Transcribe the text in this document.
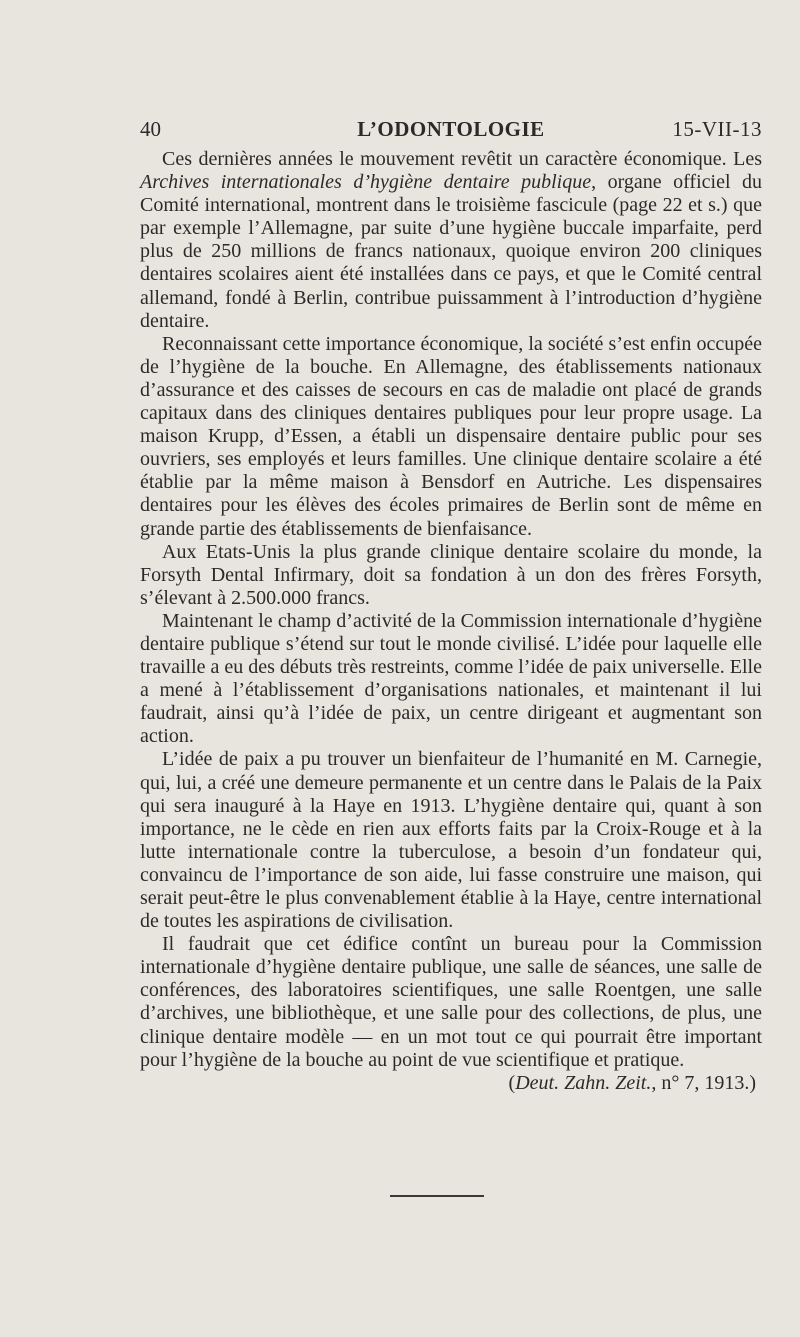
40	L’ODONTOLOGIE	15-VII-13

Ces dernières années le mouvement revêtit un caractère économique. Les Archives internationales d’hygiène dentaire publique, organe officiel du Comité international, montrent dans le troisième fascicule (page 22 et s.) que par exemple l’Allemagne, par suite d’une hygiène buccale imparfaite, perd plus de 250 millions de francs nationaux, quoique environ 200 cliniques dentaires scolaires aient été installées dans ce pays, et que le Comité central allemand, fondé à Berlin, contribue puissamment à l’introduction d’hygiène dentaire.

Reconnaissant cette importance économique, la société s’est enfin occupée de l’hygiène de la bouche. En Allemagne, des établissements nationaux d’assurance et des caisses de secours en cas de maladie ont placé de grands capitaux dans des cliniques dentaires publiques pour leur propre usage. La maison Krupp, d’Essen, a établi un dispensaire dentaire public pour ses ouvriers, ses employés et leurs familles. Une clinique dentaire scolaire a été établie par la même maison à Bensdorf en Autriche. Les dispensaires dentaires pour les élèves des écoles primaires de Berlin sont de même en grande partie des établissements de bienfaisance.

Aux Etats-Unis la plus grande clinique dentaire scolaire du monde, la Forsyth Dental Infirmary, doit sa fondation à un don des frères Forsyth, s’élevant à 2.500.000 francs.

Maintenant le champ d’activité de la Commission internationale d’hygiène dentaire publique s’étend sur tout le monde civilisé. L’idée pour laquelle elle travaille a eu des débuts très restreints, comme l’idée de paix universelle. Elle a mené à l’établissement d’organisations nationales, et maintenant il lui faudrait, ainsi qu’à l’idée de paix, un centre dirigeant et augmentant son action.

L’idée de paix a pu trouver un bienfaiteur de l’humanité en M. Carnegie, qui, lui, a créé une demeure permanente et un centre dans le Palais de la Paix qui sera inauguré à la Haye en 1913. L’hygiène dentaire qui, quant à son importance, ne le cède en rien aux efforts faits par la Croix-Rouge et à la lutte internationale contre la tuberculose, a besoin d’un fondateur qui, convaincu de l’importance de son aide, lui fasse construire une maison, qui serait peut-être le plus convenablement établie à la Haye, centre international de toutes les aspirations de civilisation.

Il faudrait que cet édifice contînt un bureau pour la Commission internationale d’hygiène dentaire publique, une salle de séances, une salle de conférences, des laboratoires scientifiques, une salle Roentgen, une salle d’archives, une bibliothèque, et une salle pour des collections, de plus, une clinique dentaire modèle — en un mot tout ce qui pourrait être important pour l’hygiène de la bouche au point de vue scientifique et pratique.

(Deut. Zahn. Zeit., n° 7, 1913.)
